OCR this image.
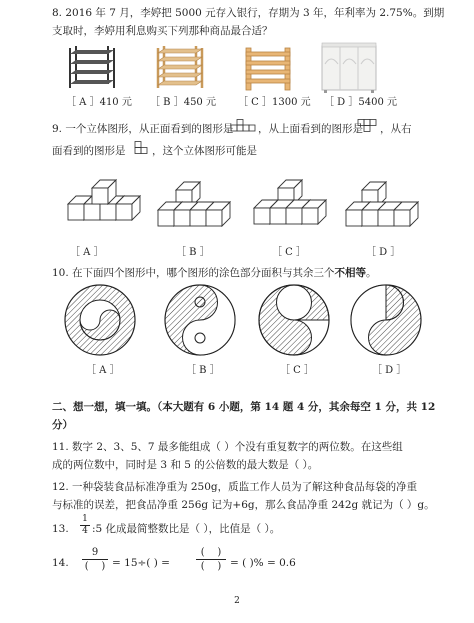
8. 2016 年 7 月，李婷把 5000 元存入银行，存期为 3 年，年利率为 2.75%。到期
支取时，李婷用利息购买下列那种商品最合适？
［ A ］410 元 ［ B ］450 元 ［ C ］1300 元 ［ D ］5400 元
9. 一个立体图形，从正面看到的图形是 ，从上面看到的图形是 ，从右
面看到的图形是	，这个立体图形可能是
［ A ］	［ B ］	［ C ］	［ D ］
10. 在下面四个图形中，哪个图形的涂色部分面积与其余三个不相等。
［ A ］	［ B ］	［ C ］	［ D ］
二、想一想，填一填。（本大题有 6 小题，第 14 题 4 分，其余每空 1 分，共 12
分）
11. 数字 2、3、5、7 最多能组成（ ）个没有重复数字的两位数。在这些组
成的两位数中，同时是 3 和 5 的公倍数的最大数是（ ）。
12. 一种袋装食品标准净重为 250g，质监工作人员为了解这种食品每袋的净重
与标准的误差，把食品净重 256g 记为+6g，那么食品净重 242g 就记为（ ）g。
13. $\frac{1}{4}$ :5 化成最简整数比是（ ），比值是（ ）。
14.
9
(    ) = 15÷( ) =
(    )
(    ) = ( )% = 0.6
2
